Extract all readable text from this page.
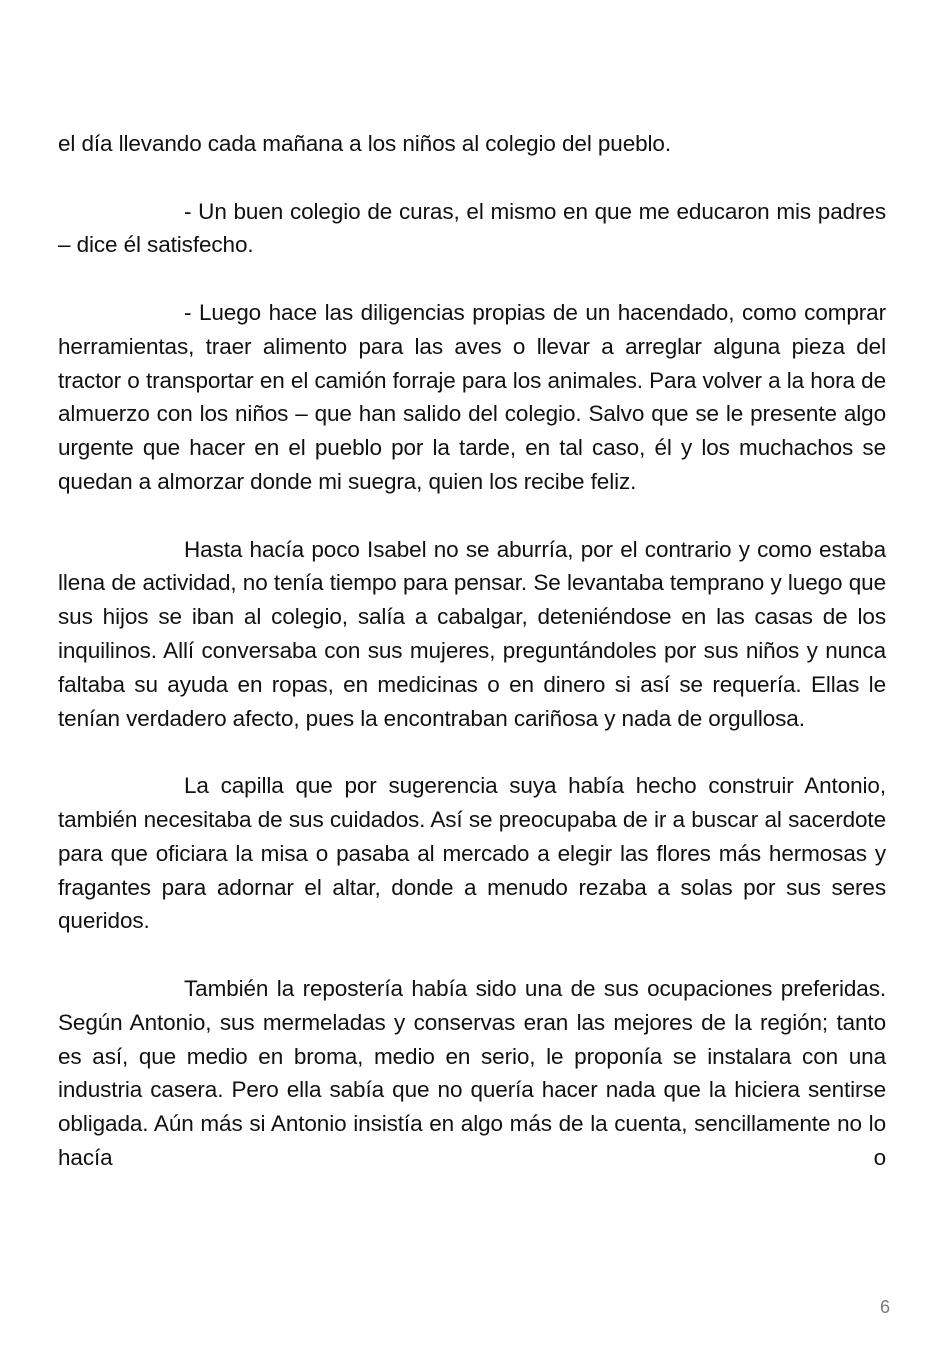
el día llevando cada mañana a los niños al colegio del pueblo.

- Un buen colegio de curas, el mismo en que me educaron mis padres – dice él satisfecho.

- Luego hace las diligencias propias de un hacendado, como comprar herramientas, traer alimento para las aves o llevar a arreglar alguna pieza del tractor o transportar en el camión forraje para los animales. Para volver a la hora de almuerzo con los niños – que han salido del colegio. Salvo que se le presente algo urgente que hacer en el pueblo por la tarde, en tal caso, él y los muchachos se quedan a almorzar donde mi suegra, quien los recibe feliz.

Hasta hacía poco Isabel no se aburría, por el contrario y como estaba llena de actividad, no tenía tiempo para pensar. Se levantaba temprano y luego que sus hijos se iban al colegio, salía a cabalgar, deteniéndose en las casas de los inquilinos. Allí conversaba con sus mujeres, preguntándoles por sus niños y nunca faltaba su ayuda en ropas, en medicinas o en dinero si así se requería. Ellas le tenían verdadero afecto, pues la encontraban cariñosa y nada de orgullosa.

La capilla que por sugerencia suya había hecho construir Antonio, también necesitaba de sus cuidados. Así se preocupaba de ir a buscar al sacerdote para que oficiara la misa o pasaba al mercado a elegir las flores más hermosas y fragantes para adornar el altar, donde a menudo rezaba a solas por sus seres queridos.

También la repostería había sido una de sus ocupaciones preferidas. Según Antonio, sus mermeladas y conservas eran las mejores de la región; tanto es así, que medio en broma, medio en serio, le proponía se instalara con una industria casera. Pero ella sabía que no quería hacer nada que la hiciera sentirse obligada. Aún más si Antonio insistía en algo más de la cuenta, sencillamente no lo hacía o

6
